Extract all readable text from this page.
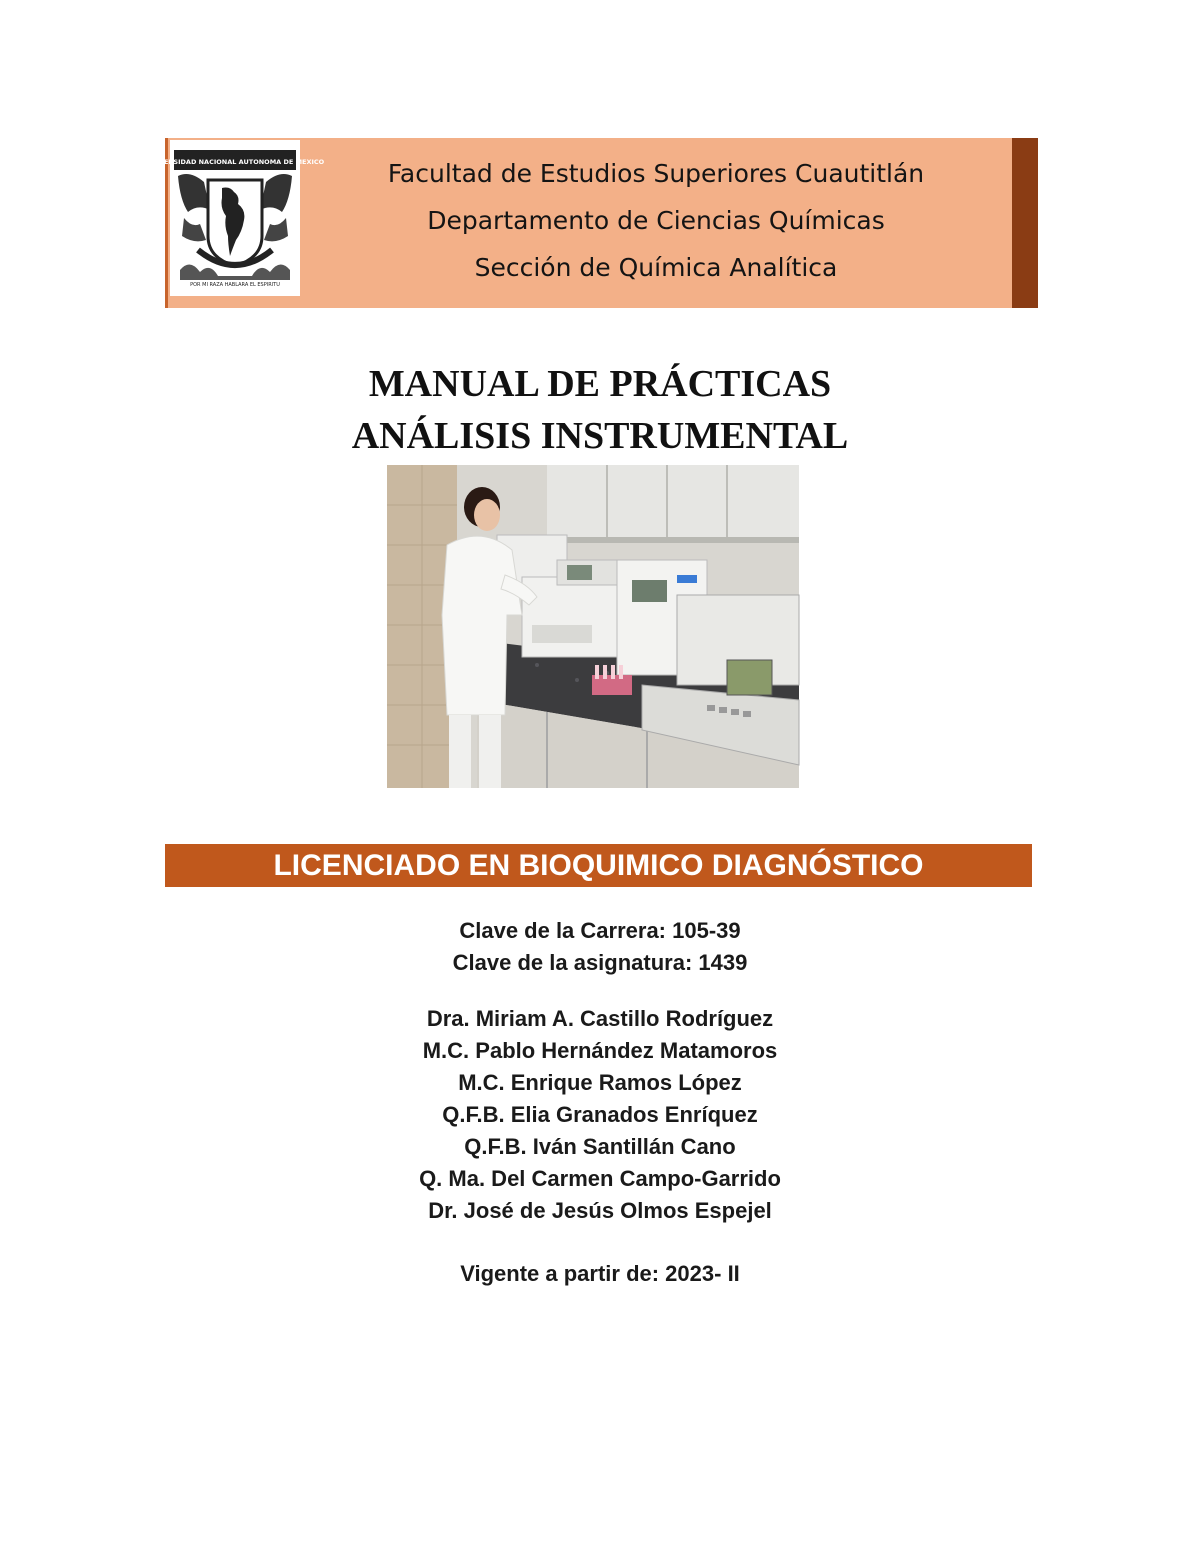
UNIVERSIDAD NACIONAL AUTONOMA DE MEXICO
POR MI RAZA HABLARA EL ESPIRITU
Facultad de Estudios Superiores Cuautitlán
Departamento de Ciencias Químicas
Sección de Química Analítica
MANUAL DE PRÁCTICAS
ANÁLISIS INSTRUMENTAL
LICENCIADO EN BIOQUIMICO DIAGNÓSTICO
Clave de la Carrera: 105-39
Clave de la asignatura: 1439
Dra. Miriam A. Castillo Rodríguez
M.C. Pablo Hernández Matamoros
M.C. Enrique Ramos López
Q.F.B. Elia Granados Enríquez
Q.F.B. Iván Santillán Cano
Q. Ma. Del Carmen Campo-Garrido
Dr. José de Jesús Olmos Espejel
Vigente a partir de: 2023- II
